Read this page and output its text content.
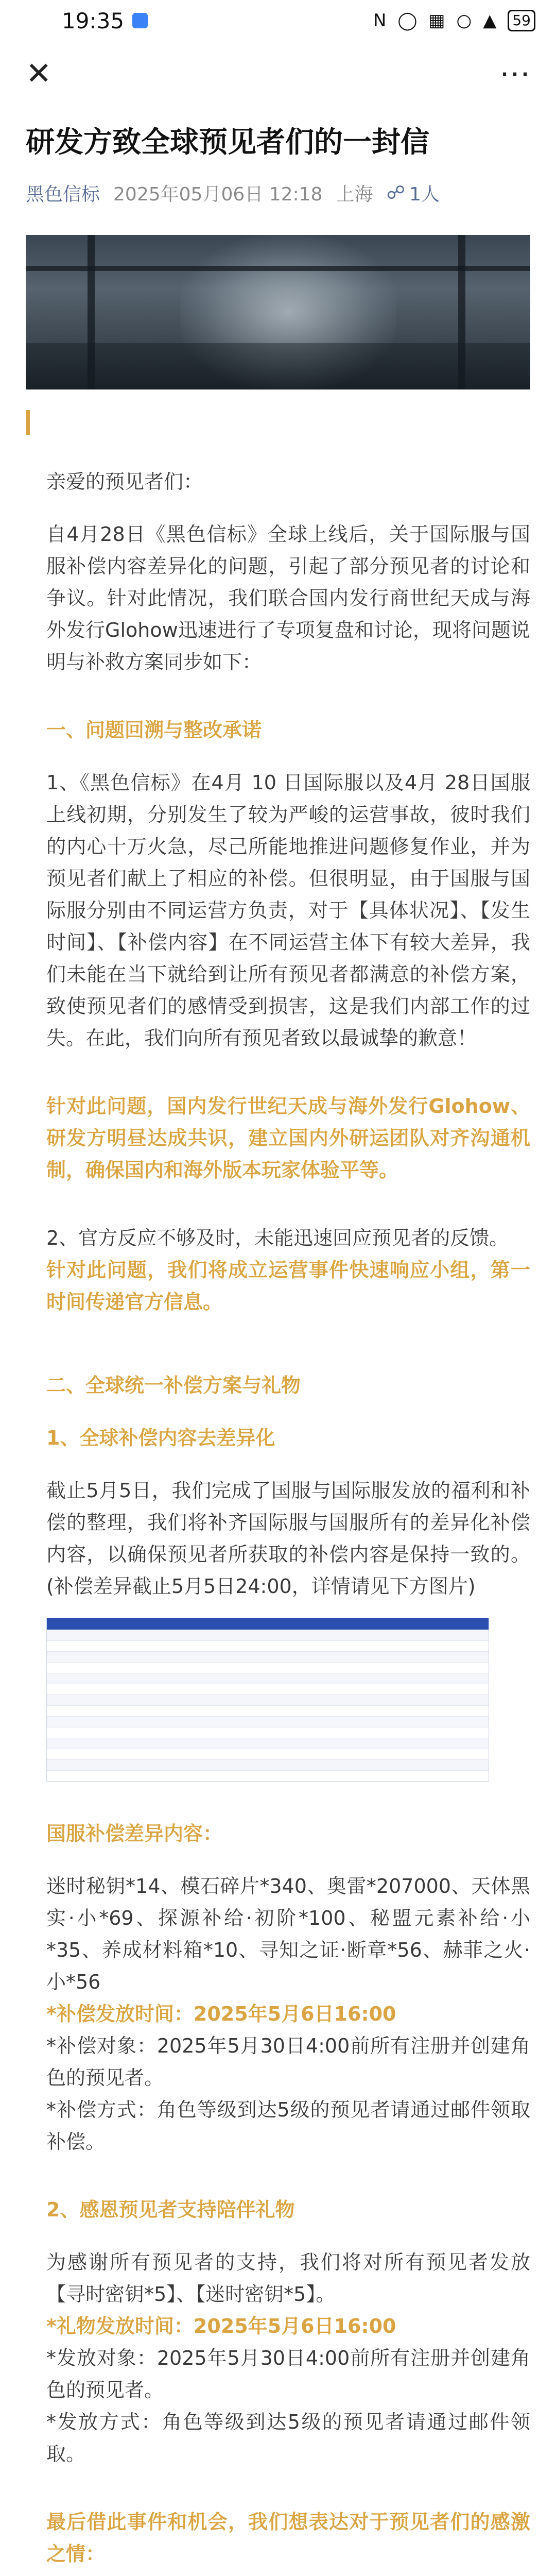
19:35	N ◯ ▦ ○ ▲	59
✕	⋯
研发方致全球预见者们的一封信
黑色信标 2025年05月06日 12:18 上海 ☍ 1人

亲爱的预见者们：

自4月28日《黑色信标》全球上线后，关于国际服与国服补偿内容差异化的问题，引起了部分预见者的讨论和争议。针对此情况，我们联合国内发行商世纪天成与海外发行Glohow迅速进行了专项复盘和讨论，现将问题说明与补救方案同步如下：

一、问题回溯与整改承诺

1、《黑色信标》在4月 10 日国际服以及4月 28日国服上线初期，分别发生了较为严峻的运营事故，彼时我们的内心十万火急，尽己所能地推进问题修复作业，并为预见者们献上了相应的补偿。但很明显，由于国服与国际服分别由不同运营方负责，对于【具体状况】、【发生时间】、【补偿内容】在不同运营主体下有较大差异，我们未能在当下就给到让所有预见者都满意的补偿方案，致使预见者们的感情受到损害，这是我们内部工作的过失。在此，我们向所有预见者致以最诚挚的歉意！

针对此问题，国内发行世纪天成与海外发行Glohow、研发方明昼达成共识，建立国内外研运团队对齐沟通机制，确保国内和海外版本玩家体验平等。

2、官方反应不够及时，未能迅速回应预见者的反馈。

针对此问题，我们将成立运营事件快速响应小组，第一时间传递官方信息。

二、全球统一补偿方案与礼物

1、全球补偿内容去差异化

截止5月5日，我们完成了国服与国际服发放的福利和补偿的整理，我们将补齐国际服与国服所有的差异化补偿内容，以确保预见者所获取的补偿内容是保持一致的。(补偿差异截止5月5日24:00，详情请见下方图片)

国服补偿差异内容：

迷时秘钥*14、模石碎片*340、奥雷*207000、天体黑实·小*69、探源补给·初阶*100、秘盟元素补给·小*35、养成材料箱*10、寻知之证·断章*56、赫菲之火·小*56

*补偿发放时间：2025年5月6日16:00

*补偿对象：2025年5月30日4:00前所有注册并创建角色的预见者。

*补偿方式：角色等级到达5级的预见者请通过邮件领取补偿。

2、感恩预见者支持陪伴礼物

为感谢所有预见者的支持，我们将对所有预见者发放【寻时密钥*5】、【迷时密钥*5】。

*礼物发放时间：2025年5月6日16:00

*发放对象：2025年5月30日4:00前所有注册并创建角色的预见者。

*发放方式：角色等级到达5级的预见者请通过邮件领取。

最后借此事件和机会，我们想表达对于预见者们的感激之情：
